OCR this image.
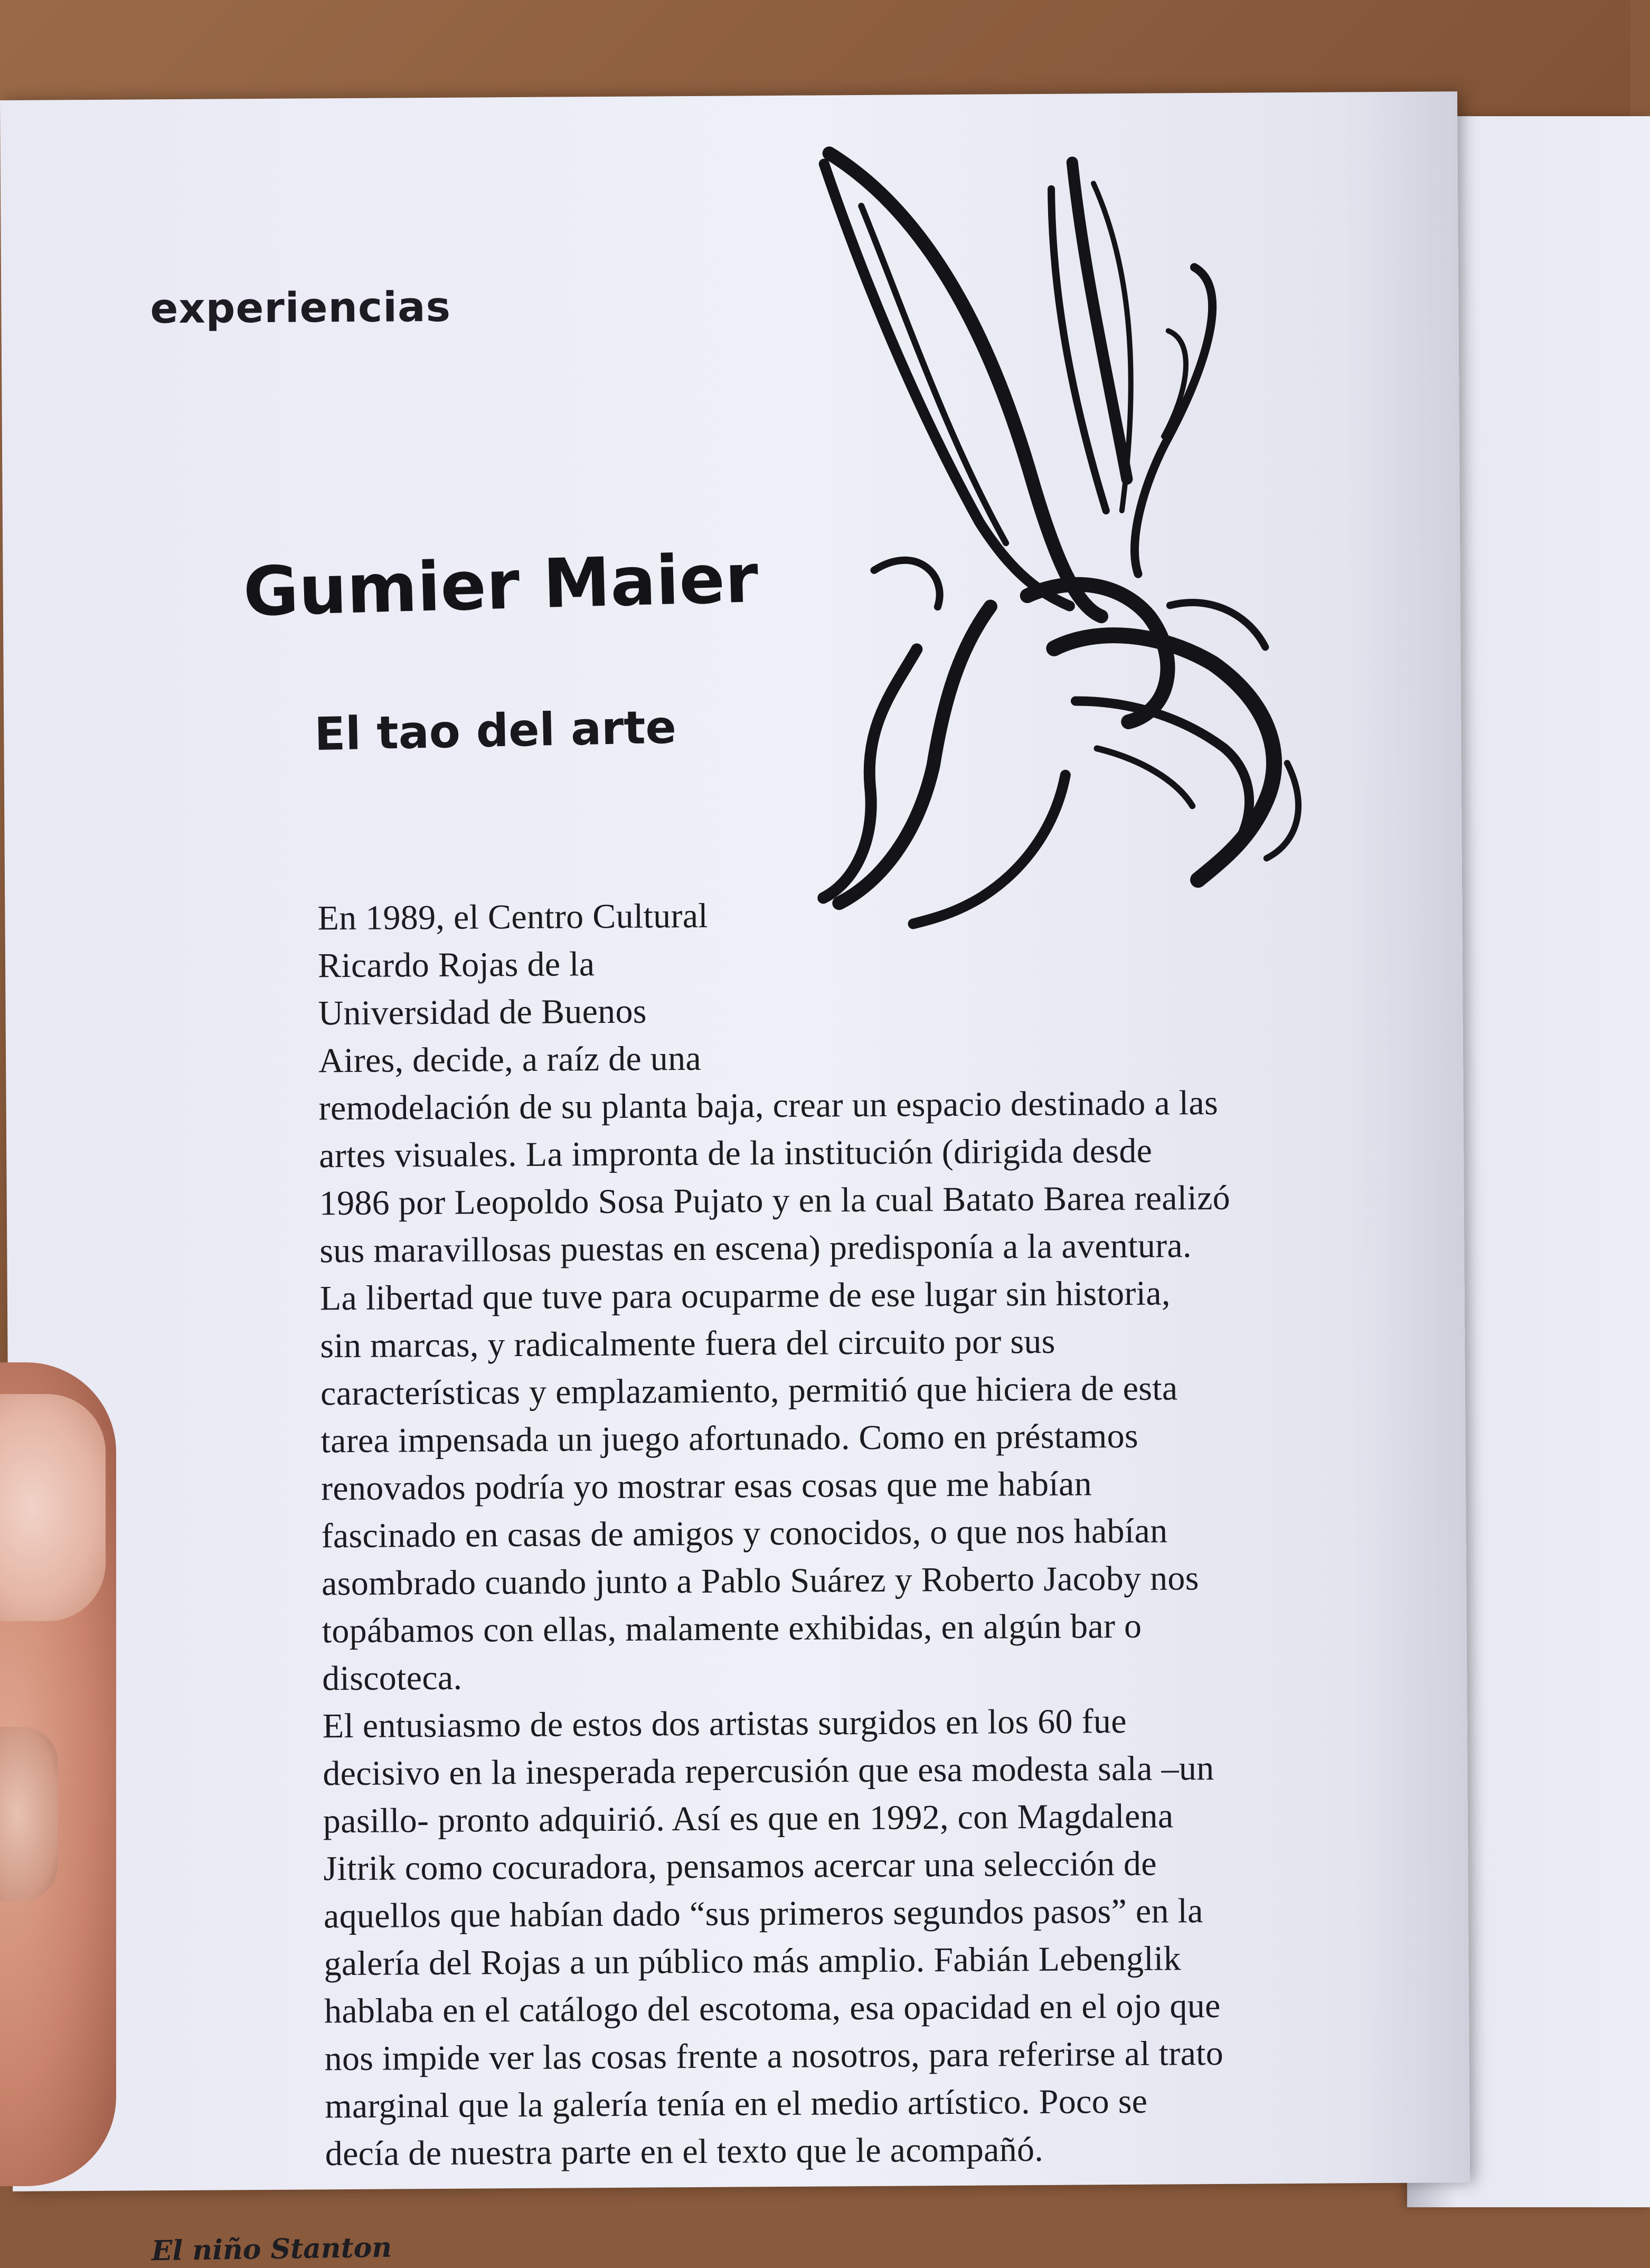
experiencias
Gumier Maier
El tao del arte
En 1989, el Centro Cultural
Ricardo Rojas de la
Universidad de Buenos
Aires, decide, a raíz de una
remodelación de su planta baja, crear un espacio destinado a las
artes visuales. La impronta de la institución (dirigida desde
1986 por Leopoldo Sosa Pujato y en la cual Batato Barea realizó
sus maravillosas puestas en escena) predisponía a la aventura.
La libertad que tuve para ocuparme de ese lugar sin historia,
sin marcas, y radicalmente fuera del circuito por sus
características y emplazamiento, permitió que hiciera de esta
tarea impensada un juego afortunado. Como en préstamos
renovados podría yo mostrar esas cosas que me habían
fascinado en casas de amigos y conocidos, o que nos habían
asombrado cuando junto a Pablo Suárez y Roberto Jacoby nos
topábamos con ellas, malamente exhibidas, en algún bar o
discoteca.
El entusiasmo de estos dos artistas surgidos en los 60 fue
decisivo en la inesperada repercusión que esa modesta sala –un
pasillo- pronto adquirió. Así es que en 1992, con Magdalena
Jitrik como cocuradora, pensamos acercar una selección de
aquellos que habían dado “sus primeros segundos pasos” en la
galería del Rojas a un público más amplio. Fabián Lebenglik
hablaba en el catálogo del escotoma, esa opacidad en el ojo que
nos impide ver las cosas frente a nosotros, para referirse al trato
marginal que la galería tenía en el medio artístico. Poco se
decía de nuestra parte en el texto que le acompañó.
El niño Stanton
